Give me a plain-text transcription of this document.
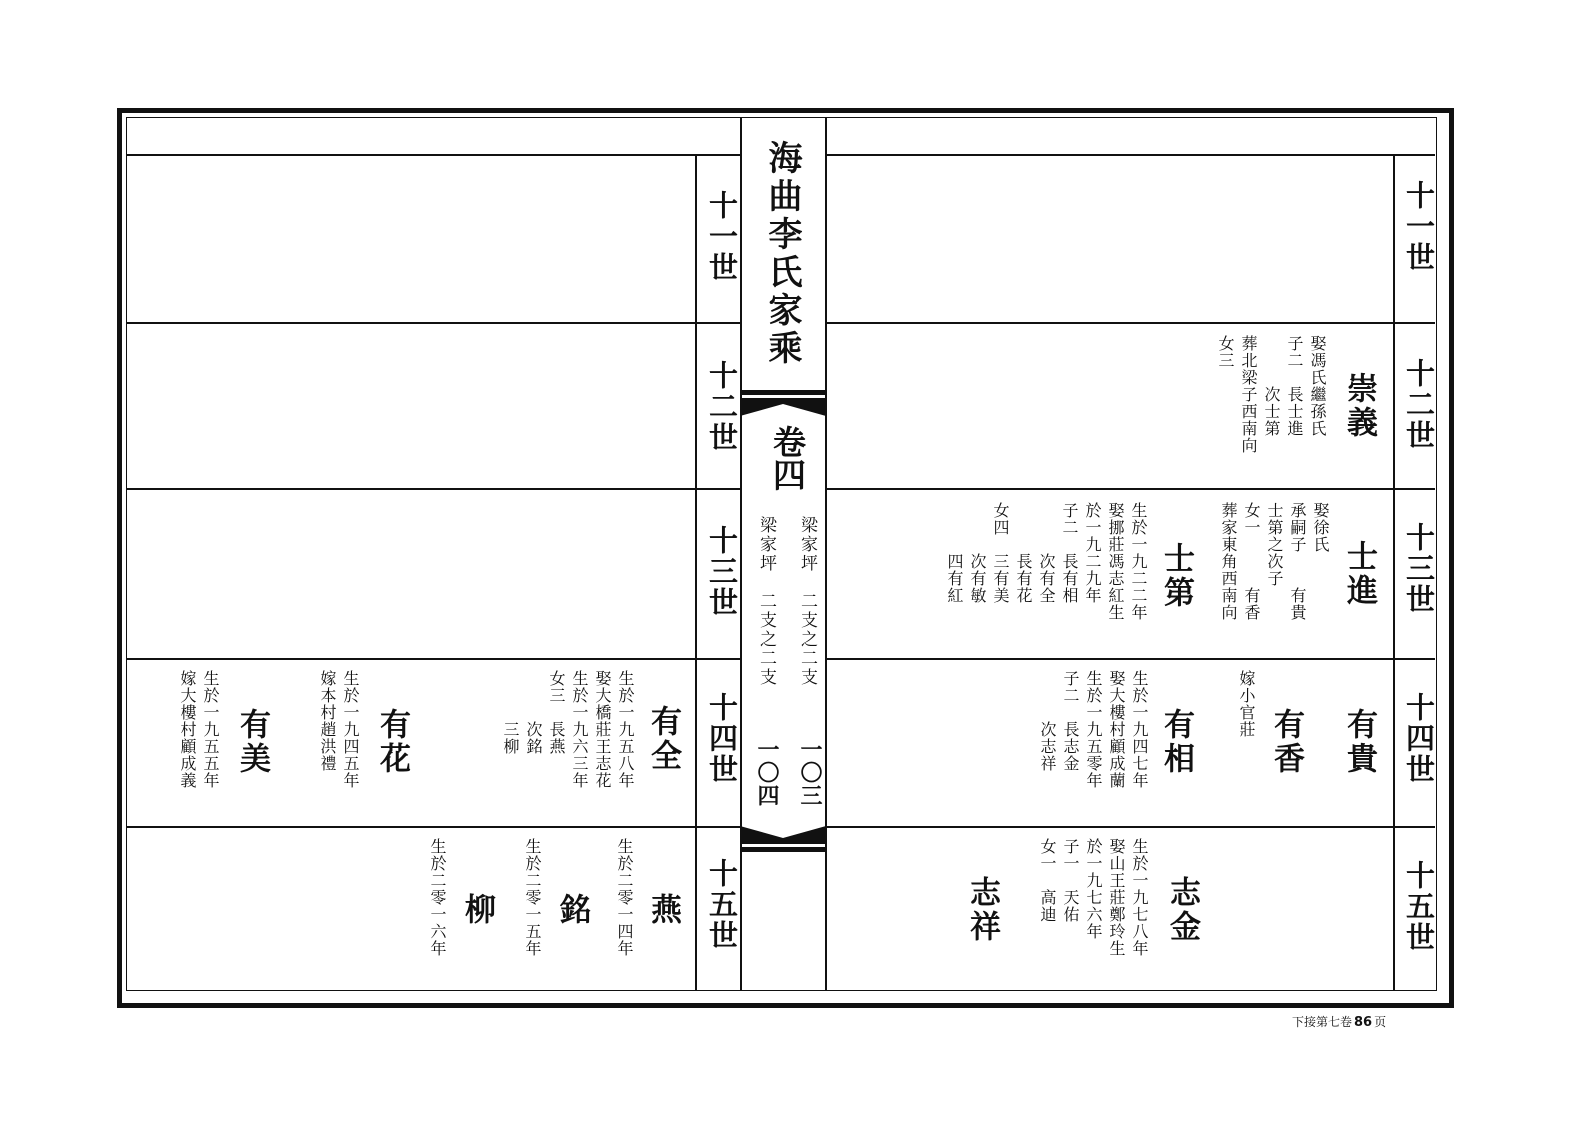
海曲李氏家乘
卷四
梁家坪　二支之二支
梁家坪　二支之二支
一〇三
一〇四
十一世
十二世
十三世
十四世
十五世
十一世
十二世
十三世
十四世
十五世
崇義
娶馮氏繼孫氏
子二　長士進
　　　次士第
葬北梁子西南向
女三
士進
娶徐氏
承嗣子　　有貴
士第之次子
女一　　　有香
葬家東角西南向
士第
生於一九二二年
娶挪莊馮志紅生
於一九二九年
子二　長有相
　　　次有全
　　　長有花
女四　三有美
　　　次有敏
　　　四有紅
有貴
有香
嫁小官莊
有相
生於一九四七年
娶大樓村顧成蘭
生於一九五零年
子二　長志金
　　　次志祥
志金
生於一九七八年
娶山王莊鄭玲生
於一九七六年
子一　天佑
女一　高迪
志祥
有全
生於一九五八年
娶大橋莊王志花
生於一九六三年
女三　長燕
　　　次銘
　　　三柳
有花
生於一九四五年
嫁本村趙洪禮
有美
生於一九五五年
嫁大樓村顧成義
燕
生於二零一四年
銘
生於二零一五年
柳
生於二零一六年
下接第七卷 86 页
